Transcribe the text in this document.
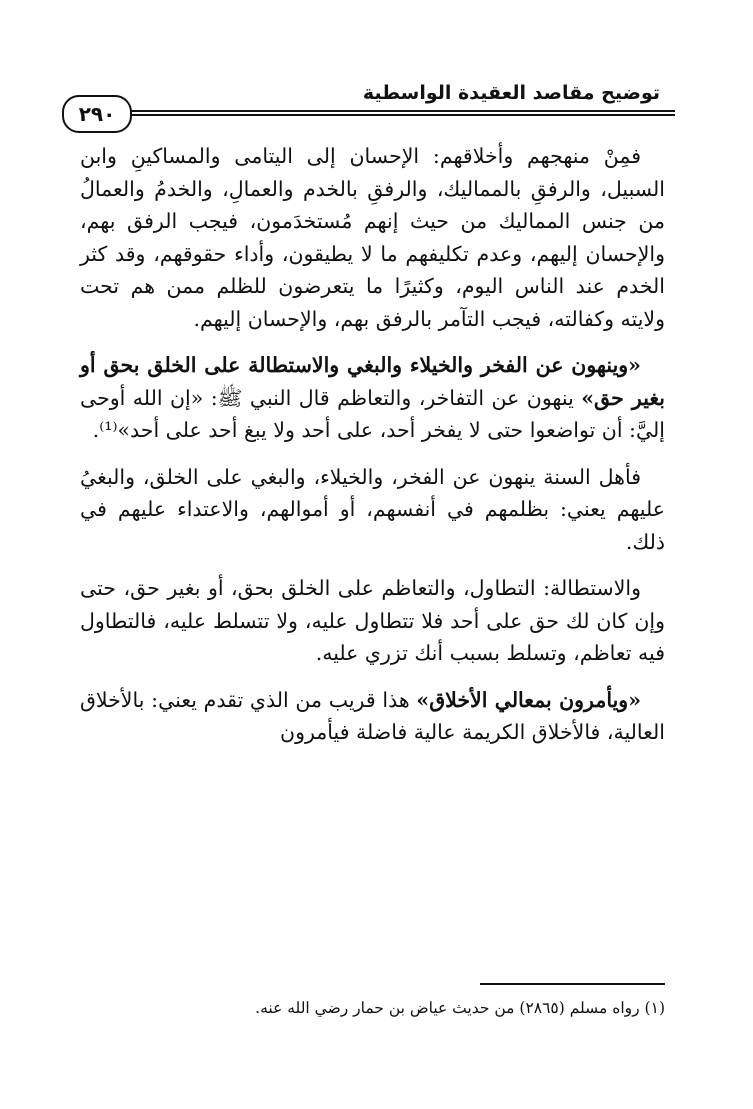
توضيح مقاصد العقيدة الواسطية
٢٩٠

فمِنْ منهجهم وأخلاقهم: الإحسان إلى اليتامى والمساكينِ وابن السبيل، والرفقِ بالمماليك، والرفقِ بالخدم والعمالِ، والخدمُ والعمالُ من جنس المماليك من حيث إنهم مُستخدَمون، فيجب الرفق بهم، والإحسان إليهم، وعدم تكليفهم ما لا يطيقون، وأداء حقوقهم، وقد كثر الخدم عند الناس اليوم، وكثيرًا ما يتعرضون للظلم ممن هم تحت ولايته وكفالته، فيجب التآمر بالرفق بهم، والإحسان إليهم.

«وينهون عن الفخر والخيلاء والبغي والاستطالة على الخلق بحق أو بغير حق» ينهون عن التفاخر، والتعاظم قال النبي ﷺ: «إن الله أوحى إليَّ: أن تواضعوا حتى لا يفخر أحد، على أحد ولا يبغ أحد على أحد»⁽¹⁾.

فأهل السنة ينهون عن الفخر، والخيلاء، والبغي على الخلق، والبغيُ عليهم يعني: بظلمهم في أنفسهم، أو أموالهم، والاعتداء عليهم في ذلك.

والاستطالة: التطاول، والتعاظم على الخلق بحق، أو بغير حق، حتى وإن كان لك حق على أحد فلا تتطاول عليه، ولا تتسلط عليه، فالتطاول فيه تعاظم، وتسلط بسبب أنك تزري عليه.

«ويأمرون بمعالي الأخلاق» هذا قريب من الذي تقدم يعني: بالأخلاق العالية، فالأخلاق الكريمة عالية فاضلة فيأمرون

(١) رواه مسلم (٢٨٦٥) من حديث عياض بن حمار رضي الله عنه.
